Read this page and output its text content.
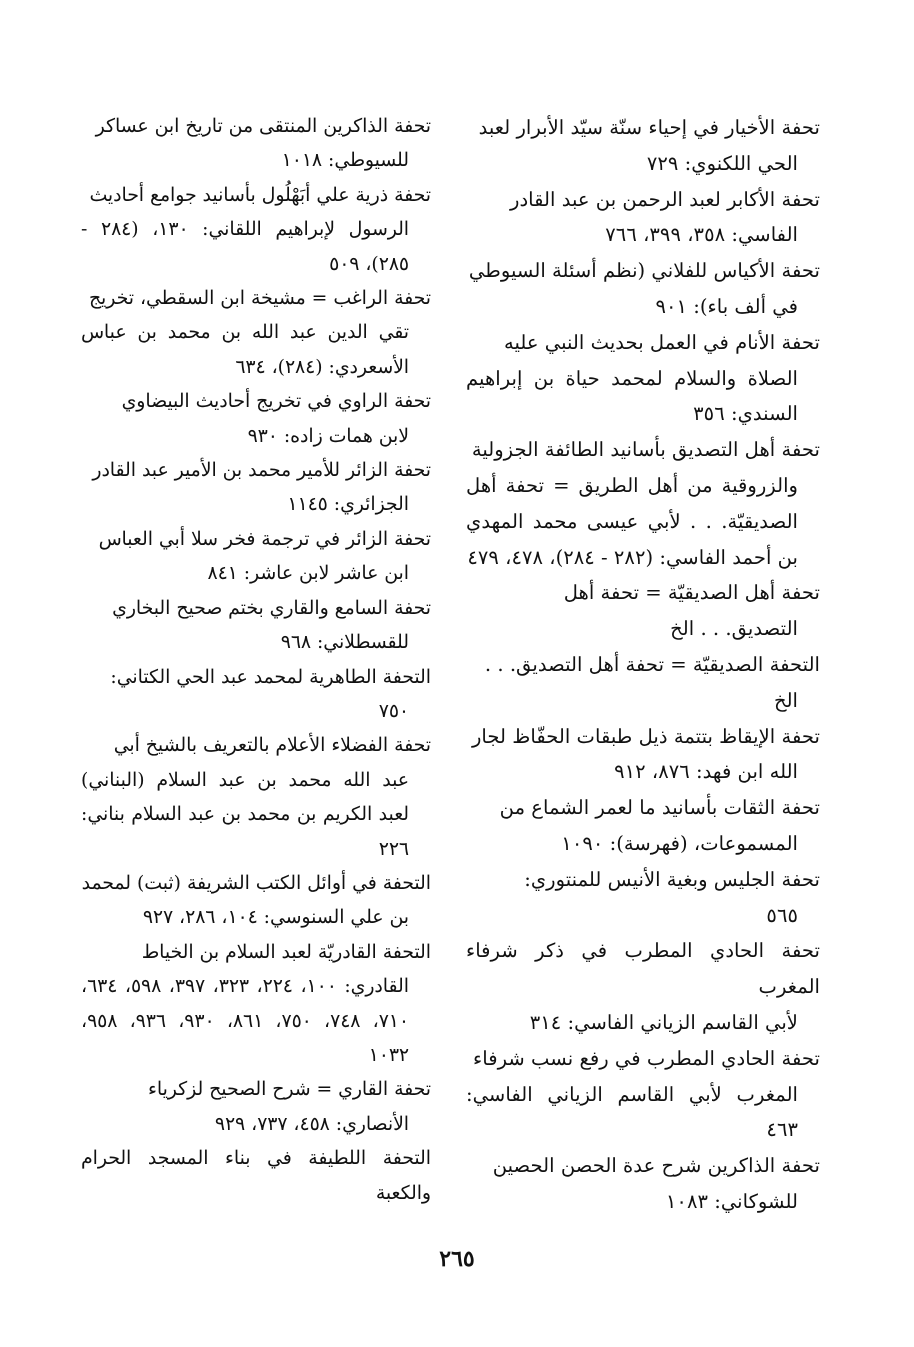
تحفة الأخيار في إحياء سنّة سيّد الأبرار لعبد
الحي اللكنوي: ٧٢٩
تحفة الأكابر لعبد الرحمن بن عبد القادر
الفاسي: ٣٥٨، ٣٩٩، ٧٦٦
تحفة الأكياس للفلاني (نظم أسئلة السيوطي
في ألف باء): ٩٠١
تحفة الأنام في العمل بحديث النبي عليه
الصلاة والسلام لمحمد حياة بن إبراهيم السندي: ٣٥٦
تحفة أهل التصديق بأسانيد الطائفة الجزولية
والزروقية من أهل الطريق = تحفة أهل الصديقيّة. . . لأبي عيسى محمد المهدي بن أحمد الفاسي: (٢٨٢ - ٢٨٤)، ٤٧٨، ٤٧٩
تحفة أهل الصديقيّة = تحفة أهل
التصديق. . . الخ
التحفة الصديقيّة = تحفة أهل التصديق. . .
الخ
تحفة الإيقاظ بتتمة ذيل طبقات الحفّاظ لجار
الله ابن فهد: ٨٧٦، ٩١٢
تحفة الثقات بأسانيد ما لعمر الشماع من
المسموعات، (فهرسة): ١٠٩٠
تحفة الجليس وبغية الأنيس للمنتوري:
٥٦٥
تحفة الحادي المطرب في ذكر شرفاء المغرب
لأبي القاسم الزياني الفاسي: ٣١٤
تحفة الحادي المطرب في رفع نسب شرفاء
المغرب لأبي القاسم الزياني الفاسي: ٤٦٣
تحفة الذاكرين شرح عدة الحصن الحصين
للشوكاني: ١٠٨٣
تحفة الذاكرين المنتقى من تاريخ ابن عساكر
للسيوطي: ١٠١٨
تحفة ذرية علي أبَهْلُول بأسانيد جوامع أحاديث
الرسول لإبراهيم اللقاني: ١٣٠، (٢٨٤ - ٢٨٥)، ٥٠٩
تحفة الراغب = مشيخة ابن السقطي، تخريج
تقي الدين عبد الله بن محمد بن عباس الأسعردي: (٢٨٤)، ٦٣٤
تحفة الراوي في تخريج أحاديث البيضاوي
لابن همات زاده: ٩٣٠
تحفة الزائر للأمير محمد بن الأمير عبد القادر
الجزائري: ١١٤٥
تحفة الزائر في ترجمة فخر سلا أبي العباس
ابن عاشر لابن عاشر: ٨٤١
تحفة السامع والقاري بختم صحيح البخاري
للقسطلاني: ٩٦٨
التحفة الطاهرية لمحمد عبد الحي الكتاني:
٧٥٠
تحفة الفضلاء الأعلام بالتعريف بالشيخ أبي
عبد الله محمد بن عبد السلام (البناني) لعبد الكريم بن محمد بن عبد السلام بناني: ٢٢٦
التحفة في أوائل الكتب الشريفة (ثبت) لمحمد
بن علي السنوسي: ١٠٤، ٢٨٦، ٩٢٧
التحفة القادريّة لعبد السلام بن الخياط
القادري: ١٠٠، ٢٢٤، ٣٢٣، ٣٩٧، ٥٩٨، ٦٣٤، ٧١٠، ٧٤٨، ٧٥٠، ٨٦١، ٩٣٠، ٩٣٦، ٩٥٨، ١٠٣٢
تحفة القاري = شرح الصحيح لزكرياء
الأنصاري: ٤٥٨، ٧٣٧، ٩٢٩
التحفة اللطيفة في بناء المسجد الحرام والكعبة
٢٦٥
